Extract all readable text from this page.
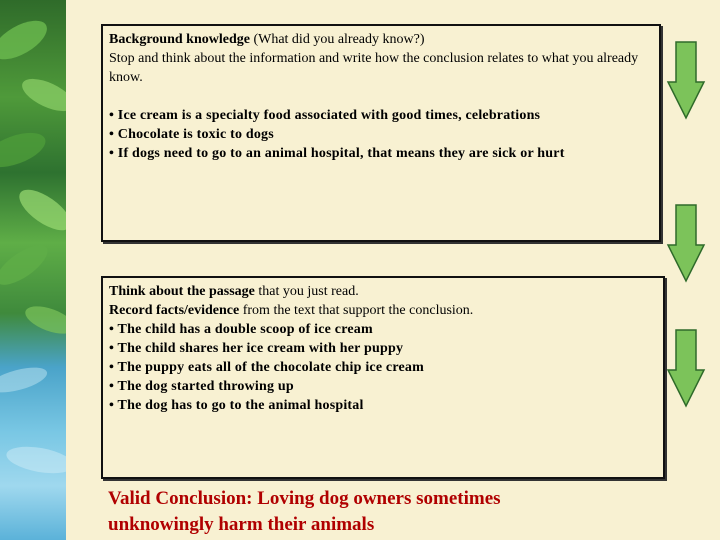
Background knowledge (What did you already know?)
Stop and think about the information and write how the conclusion relates to what you already know.
• Ice cream is a specialty food associated with good times, celebrations
• Chocolate is toxic to dogs
• If dogs need to go to an animal hospital, that means they are sick or hurt
Think about the passage that you just read.
Record facts/evidence from the text that support the conclusion.
• The child has a double scoop of ice cream
• The child shares her ice cream with her puppy
• The puppy eats all of the chocolate chip ice cream
• The dog started throwing up
• The dog has to go to the animal hospital
Valid Conclusion: Loving dog owners sometimes
unknowingly harm their animals
